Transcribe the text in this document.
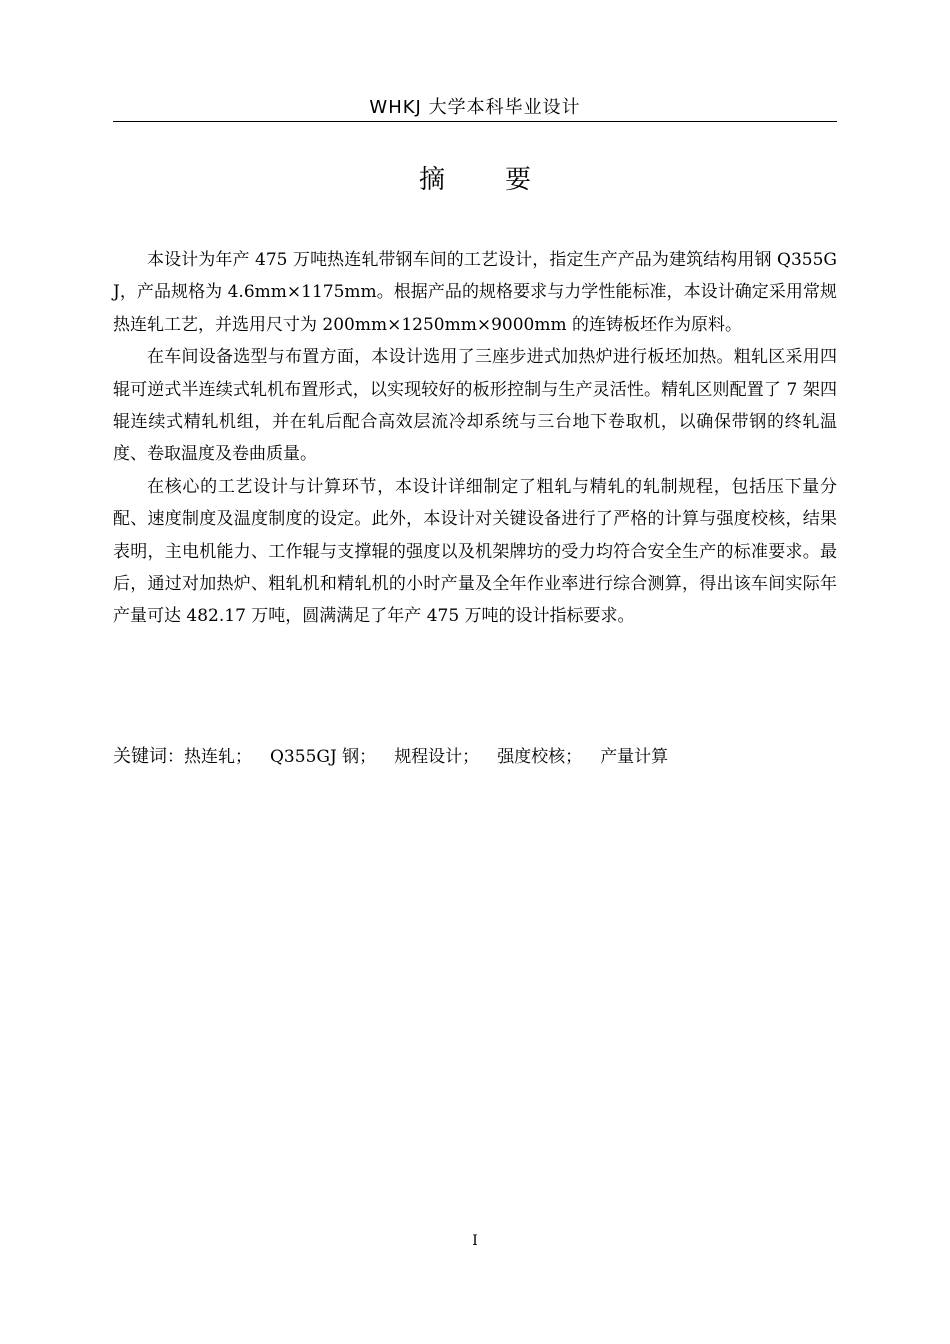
WHKJ 大学本科毕业设计
摘 要

本设计为年产 475 万吨热连轧带钢车间的工艺设计，指定生产产品为建筑结构用钢 Q355GJ，产品规格为 4.6mm×1175mm。根据产品的规格要求与力学性能标准，本设计确定采用常规热连轧工艺，并选用尺寸为 200mm×1250mm×9000mm 的连铸板坯作为原料。

在车间设备选型与布置方面，本设计选用了三座步进式加热炉进行板坯加热。粗轧区采用四辊可逆式半连续式轧机布置形式，以实现较好的板形控制与生产灵活性。精轧区则配置了 7 架四辊连续式精轧机组，并在轧后配合高效层流冷却系统与三台地下卷取机，以确保带钢的终轧温度、卷取温度及卷曲质量。

在核心的工艺设计与计算环节，本设计详细制定了粗轧与精轧的轧制规程，包括压下量分配、速度制度及温度制度的设定。此外，本设计对关键设备进行了严格的计算与强度校核，结果表明，主电机能力、工作辊与支撑辊的强度以及机架牌坊的受力均符合安全生产的标准要求。最后，通过对加热炉、粗轧机和精轧机的小时产量及全年作业率进行综合测算，得出该车间实际年产量可达 482.17 万吨，圆满满足了年产 475 万吨的设计指标要求。

关键词：热连轧； Q355GJ 钢； 规程设计； 强度校核； 产量计算
I
